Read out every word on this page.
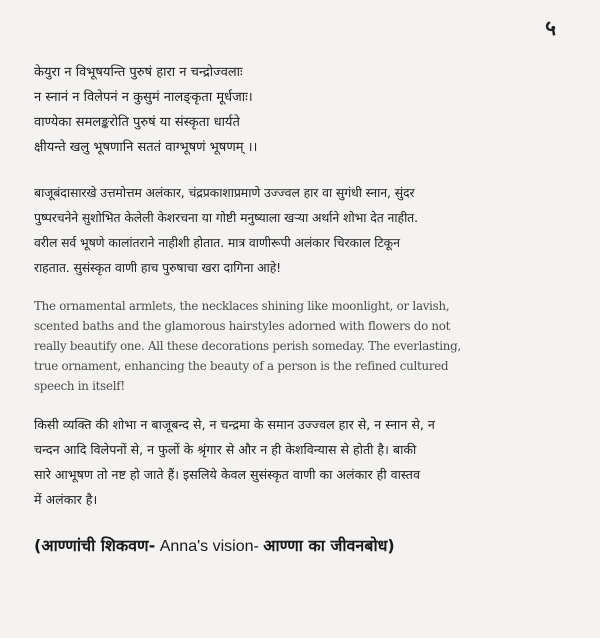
५

केयुरा न विभूषयन्ति पुरुषं हारा न चन्द्रोज्वलाः
न स्नानं न विलेपनं न कुसुमं नालङ्कृता मूर्धजाः।
वाण्येका समलङ्करोति पुरुषं या संस्कृता धार्यते
क्षीयन्ते खलु भूषणानि सततं वाग्भूषणं भूषणम् ।।

बाजूबंदासारखे उत्तमोत्तम अलंकार, चंद्रप्रकाशाप्रमाणे उज्ज्वल हार वा सुगंधी स्नान, सुंदर
पुष्परचनेने सुशोभित केलेली केशरचना या गोष्टी मनुष्याला खऱ्या अर्थाने शोभा देत नाहीत.
वरील सर्व भूषणे कालांतराने नाहीशी होतात. मात्र वाणीरूपी अलंकार चिरकाल टिकून
राहतात. सुसंस्कृत वाणी हाच पुरुषाचा खरा दागिना आहे!

The ornamental armlets, the necklaces shining like moonlight, or lavish,
scented baths and the glamorous hairstyles adorned with flowers do not
really beautify one. All these decorations perish someday. The everlasting,
true ornament, enhancing the beauty of a person is the refined cultured
speech in itself!

किसी व्यक्ति की शोभा न बाजूबन्द से, न चन्द्रमा के समान उज्ज्वल हार से, न स्नान से, न
चन्दन आदि विलेपनों से, न फुलों के श्रृंगार से और न ही केशविन्यास से होती है। बाकी
सारे आभूषण तो नष्ट हो जाते हैं। इसलिये केवल सुसंस्कृत वाणी का अलंकार ही वास्तव
में अलंकार है।

(आण्णांची शिकवण- Anna's vision- आण्णा का जीवनबोध)
